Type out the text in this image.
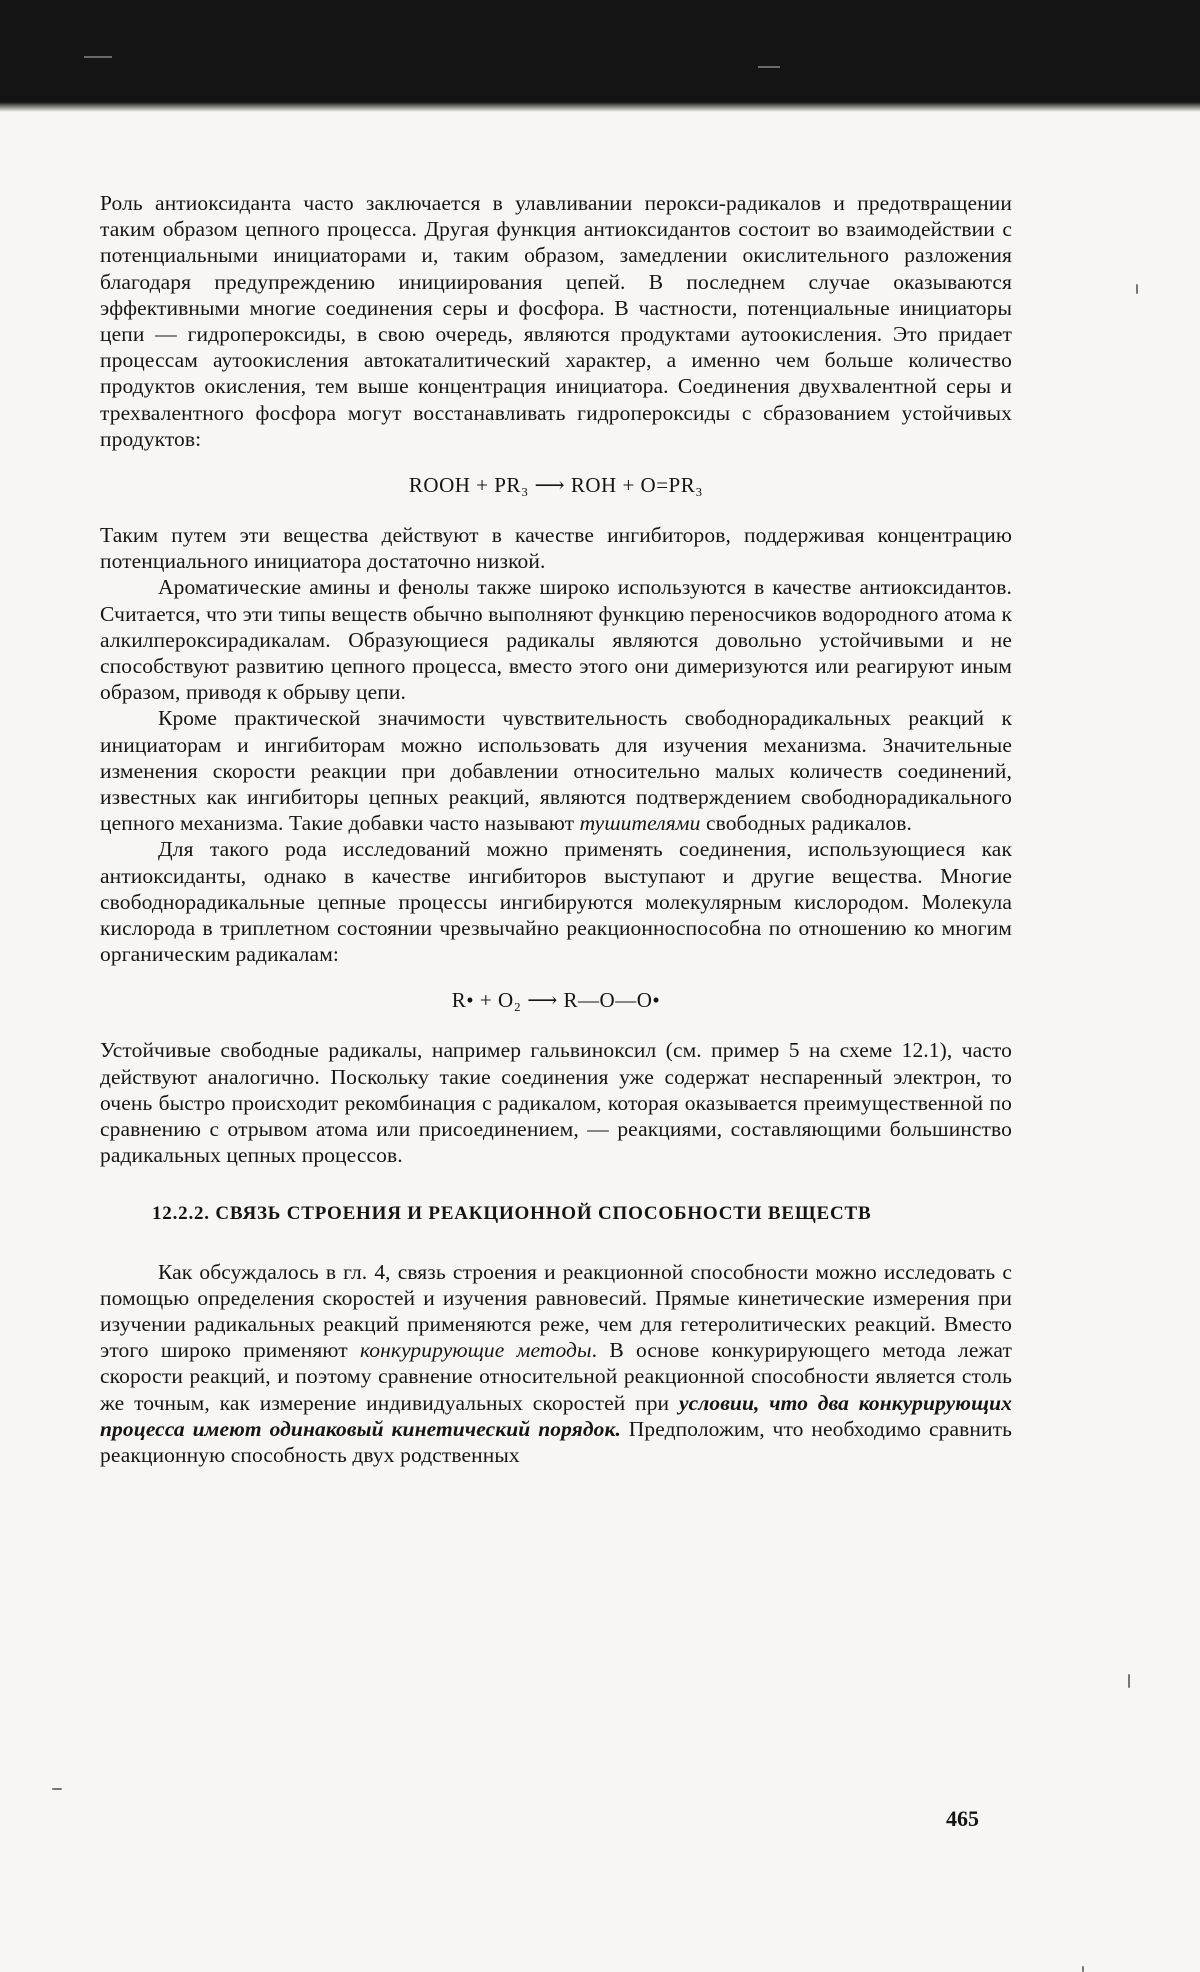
Роль антиоксиданта часто заключается в улавливании перокси-радикалов и предотвращении таким образом цепного процесса. Другая функция антиоксидантов состоит во взаимодействии с потенциальными инициаторами и, таким образом, замедлении окислительного разложения благодаря предупреждению инициирования цепей. В последнем случае оказываются эффективными многие соединения серы и фосфора. В частности, потенциальные инициаторы цепи — гидропероксиды, в свою очередь, являются продуктами аутоокисления. Это придает процессам аутоокисления автокаталитический характер, а именно чем больше количество продуктов окисления, тем выше концентрация инициатора. Соединения двухвалентной серы и трехвалентного фосфора могут восстанавливать гидропероксиды с сбразованием устойчивых продуктов:

ROOH + PR₃ ⟶ ROH + O=PR₃

Таким путем эти вещества действуют в качестве ингибиторов, поддерживая концентрацию потенциального инициатора достаточно низкой.

Ароматические амины и фенолы также широко используются в качестве антиоксидантов. Считается, что эти типы веществ обычно выполняют функцию переносчиков водородного атома к алкилпероксирадикалам. Образующиеся радикалы являются довольно устойчивыми и не способствуют развитию цепного процесса, вместо этого они димеризуются или реагируют иным образом, приводя к обрыву цепи.

Кроме практической значимости чувствительность свободнорадикальных реакций к инициаторам и ингибиторам можно использовать для изучения механизма. Значительные изменения скорости реакции при добавлении относительно малых количеств соединений, известных как ингибиторы цепных реакций, являются подтверждением свободнорадикального цепного механизма. Такие добавки часто называют тушителями свободных радикалов.

Для такого рода исследований можно применять соединения, использующиеся как антиоксиданты, однако в качестве ингибиторов выступают и другие вещества. Многие свободнорадикальные цепные процессы ингибируются молекулярным кислородом. Молекула кислорода в триплетном состоянии чрезвычайно реакционноспособна по отношению ко многим органическим радикалам:

R• + O₂ ⟶ R—O—O•

Устойчивые свободные радикалы, например гальвиноксил (см. пример 5 на схеме 12.1), часто действуют аналогично. Поскольку такие соединения уже содержат неспаренный электрон, то очень быстро происходит рекомбинация с радикалом, которая оказывается преимущественной по сравнению с отрывом атома или присоединением, — реакциями, составляющими большинство радикальных цепных процессов.

12.2.2. СВЯЗЬ СТРОЕНИЯ И РЕАКЦИОННОЙ СПОСОБНОСТИ ВЕЩЕСТВ

Как обсуждалось в гл. 4, связь строения и реакционной способности можно исследовать с помощью определения скоростей и изучения равновесий. Прямые кинетические измерения при изучении радикальных реакций применяются реже, чем для гетеролитических реакций. Вместо этого широко применяют конкурирующие методы. В основе конкурирующего метода лежат скорости реакций, и поэтому сравнение относительной реакционной способности является столь же точным, как измерение индивидуальных скоростей при условии, что два конкурирующих процесса имеют одинаковый кинетический порядок. Предположим, что необходимо сравнить реакционную способность двух родственных

465
